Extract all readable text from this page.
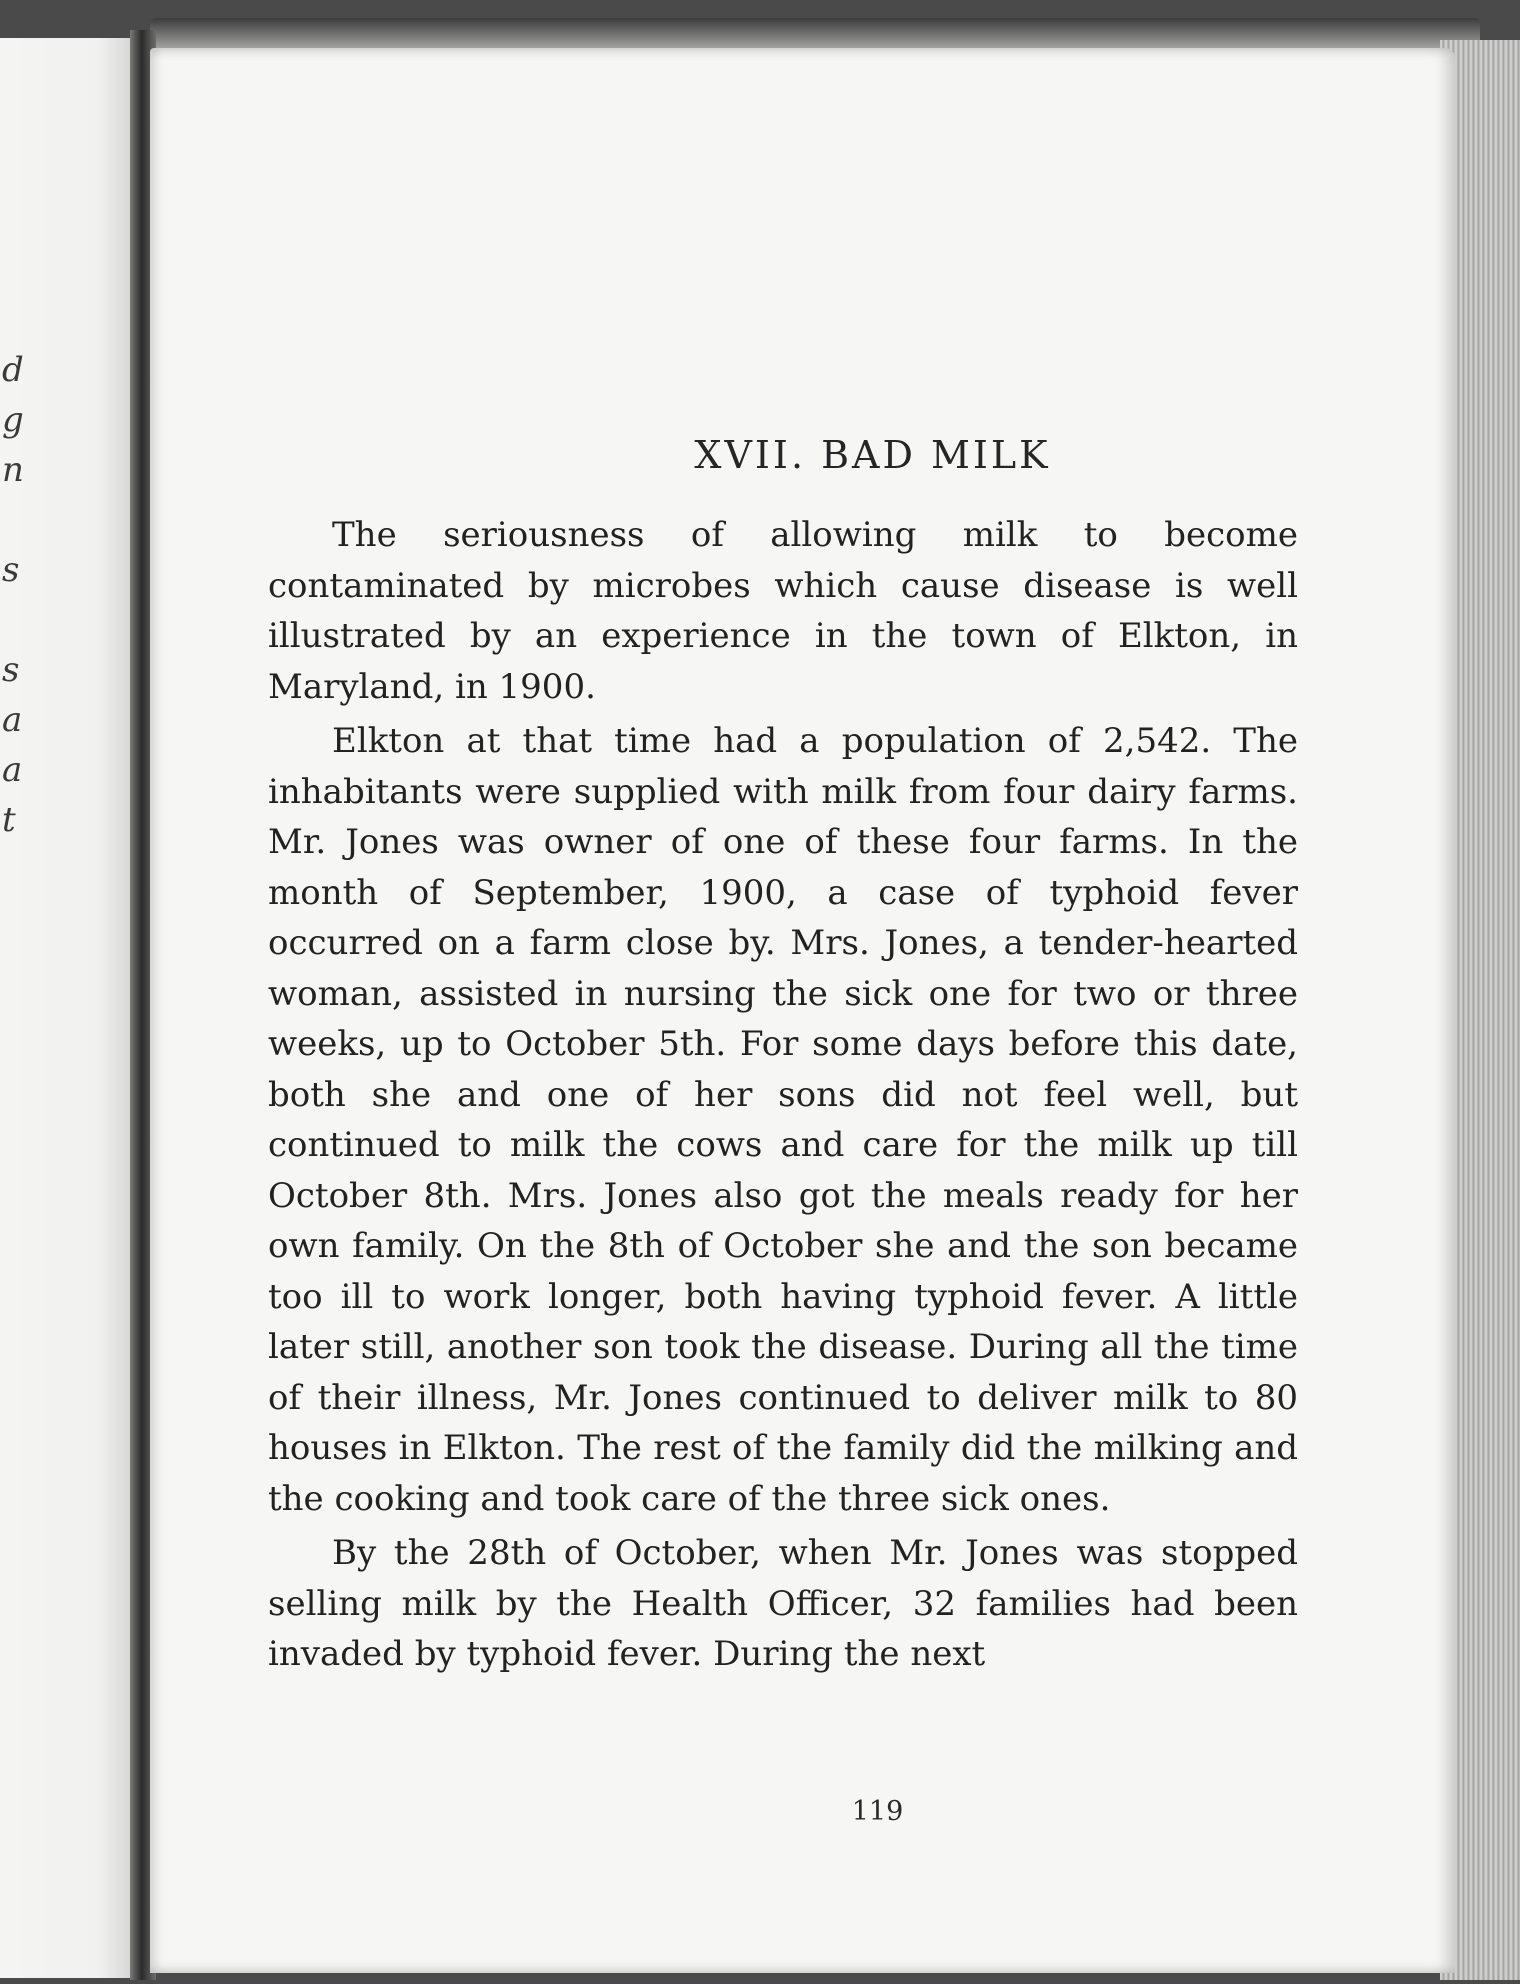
d
g
n
s
s
a
a
t
XVII. BAD MILK

The seriousness of allowing milk to become contaminated by microbes which cause disease is well illustrated by an experience in the town of Elkton, in Maryland, in 1900.

Elkton at that time had a population of 2,542. The inhabitants were supplied with milk from four dairy farms. Mr. Jones was owner of one of these four farms. In the month of September, 1900, a case of typhoid fever occurred on a farm close by. Mrs. Jones, a tender-hearted woman, assisted in nursing the sick one for two or three weeks, up to October 5th. For some days before this date, both she and one of her sons did not feel well, but continued to milk the cows and care for the milk up till October 8th. Mrs. Jones also got the meals ready for her own family. On the 8th of October she and the son became too ill to work longer, both having typhoid fever. A little later still, another son took the disease. During all the time of their illness, Mr. Jones continued to deliver milk to 80 houses in Elkton. The rest of the family did the milking and the cooking and took care of the three sick ones.

By the 28th of October, when Mr. Jones was stopped selling milk by the Health Officer, 32 families had been invaded by typhoid fever. During the next

119
